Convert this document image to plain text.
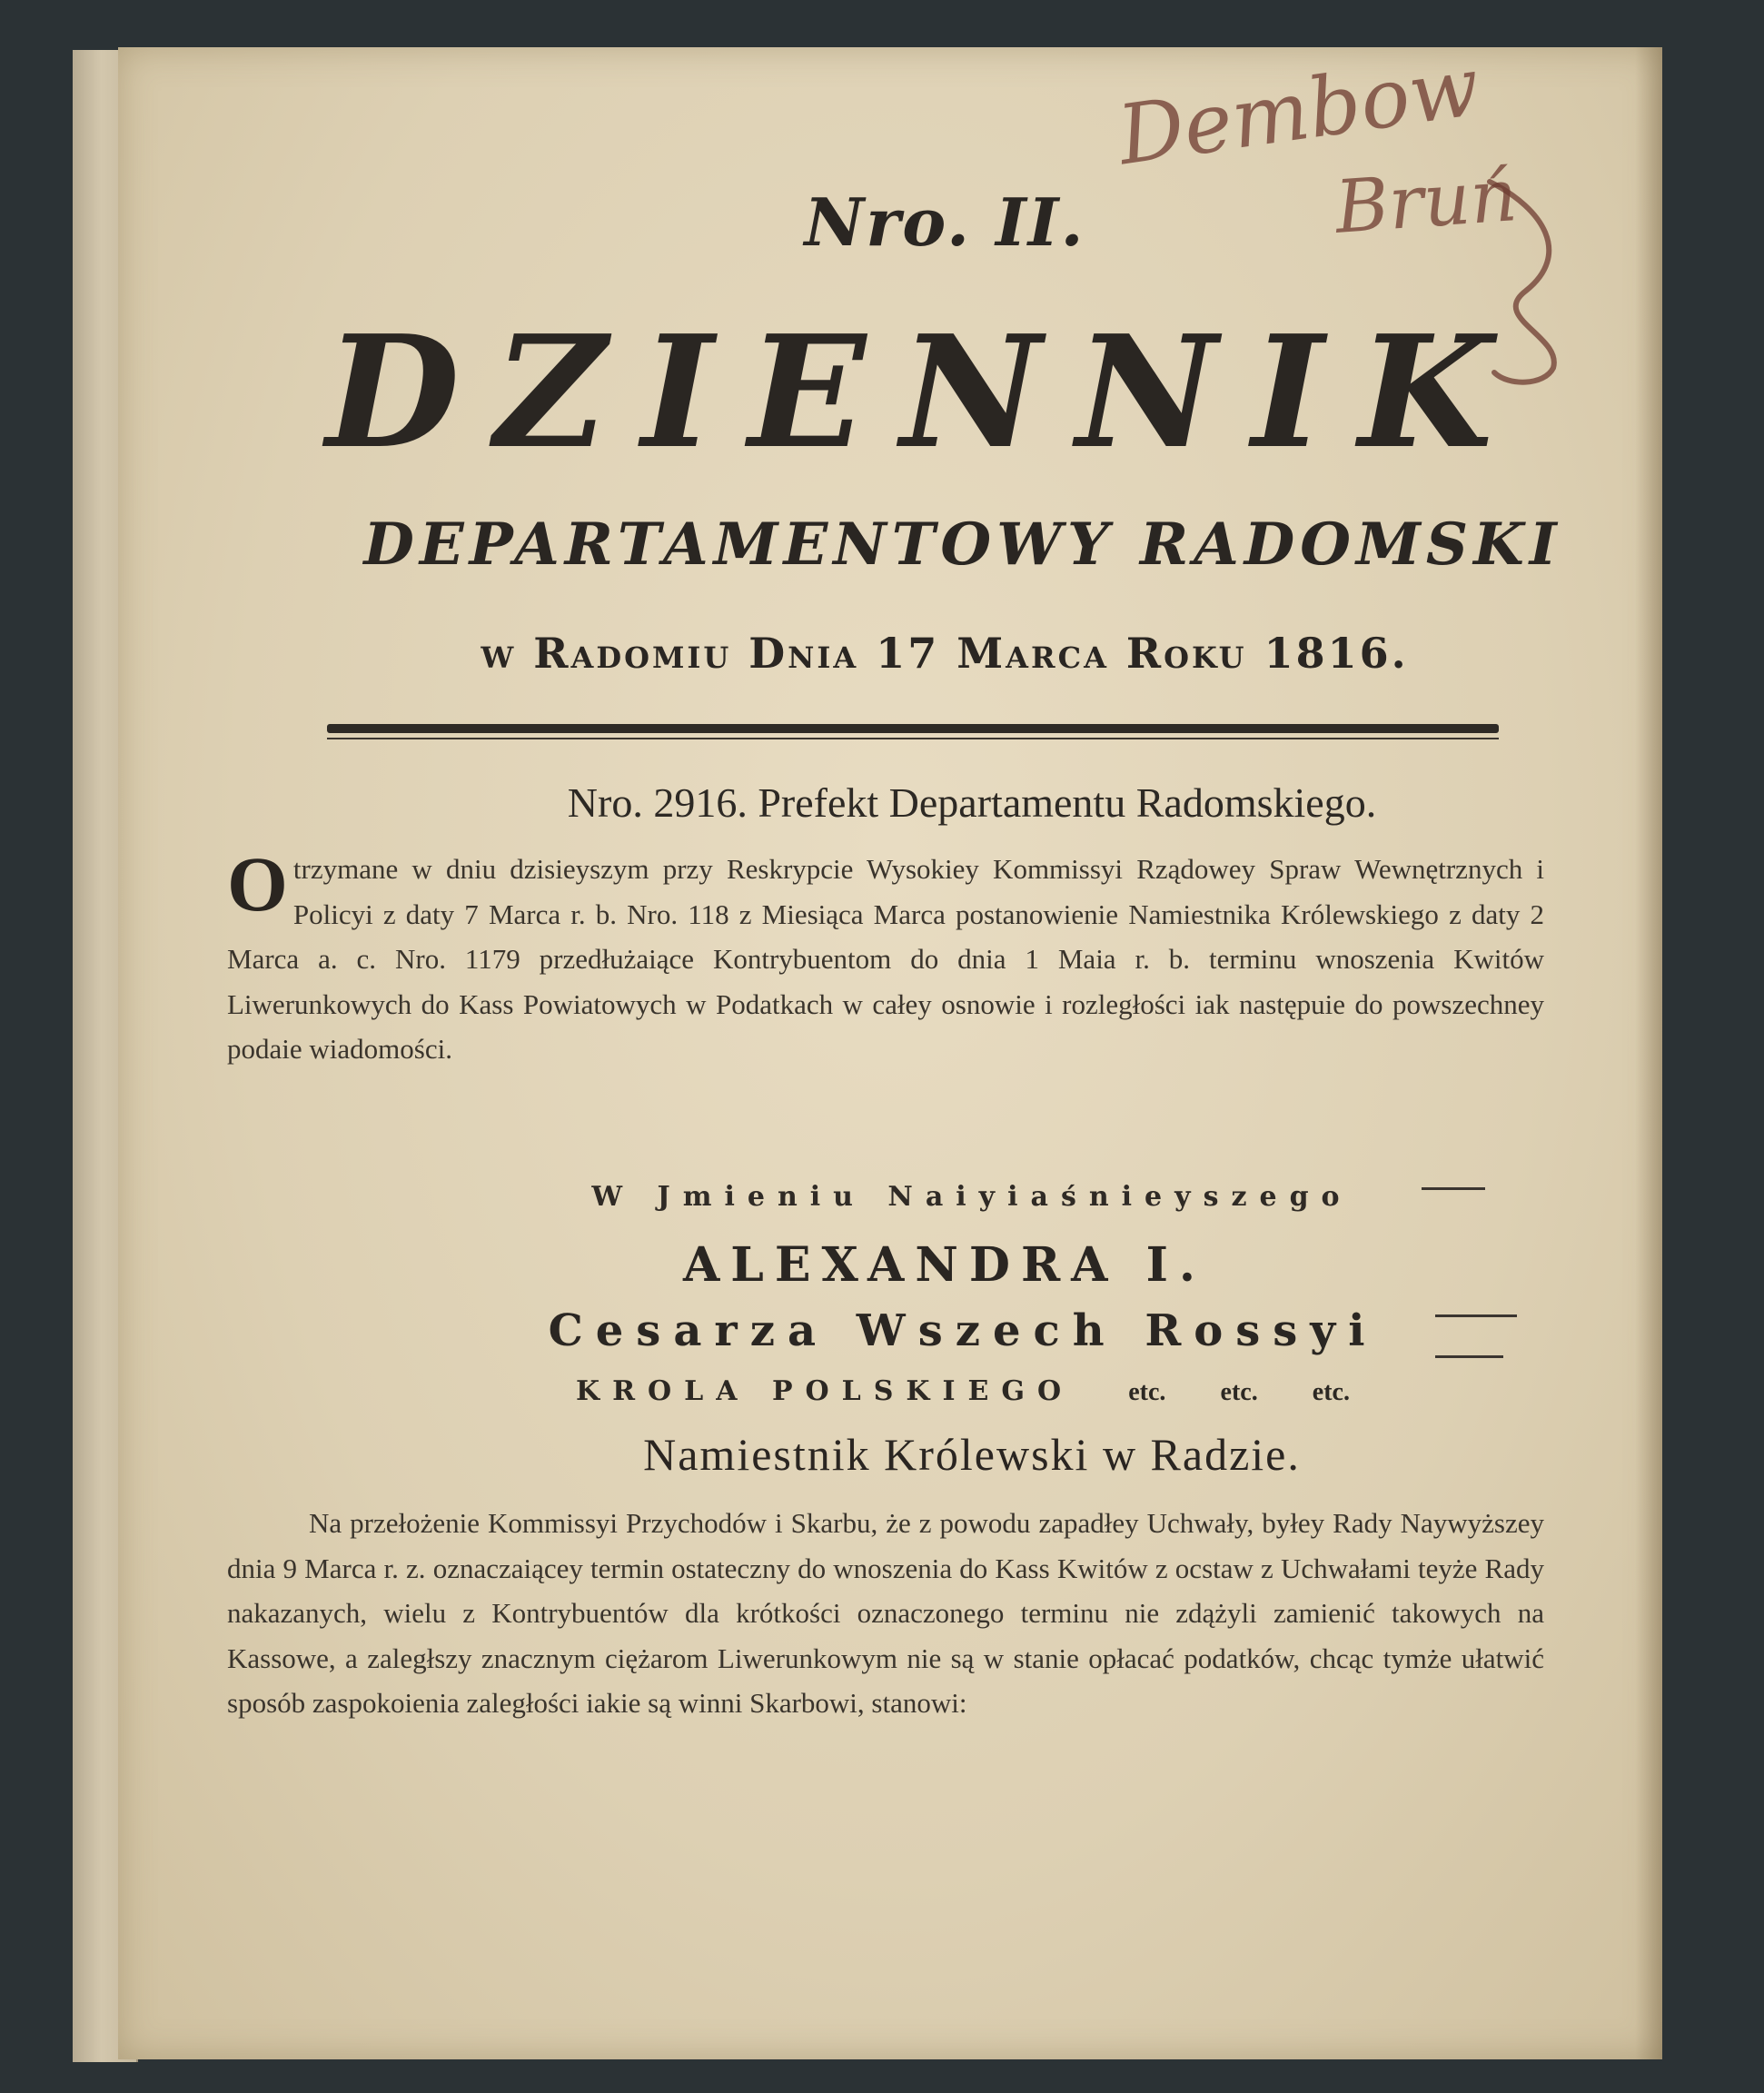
Nro. II.
DZIENNIK
DEPARTAMENTOWY RADOMSKI
w Radomiu Dnia 17 Marca Roku 1816.
Nro. 2916. Prefekt Departamentu Radomskiego.
Otrzymane w dniu dzisieyszym przy Reskrypcie Wysokiey Kommissyi Rządowey Spraw Wewnętrznych i Policyi z daty 7 Marca r. b. Nro. 118 z Miesiąca Marca postanowienie Namiestnika Królewskiego z daty 2 Marca a. c. Nro. 1179 przedłużaiące Kontrybuentom do dnia 1 Maia r. b. terminu wnoszenia Kwitów Liwerunkowych do Kass Powiatowych w Podatkach w całey osnowie i rozległości iak następuie do powszechney podaie wiadomości.
W Jmieniu Naiyiaśnieyszego
ALEXANDRA I.
Cesarza Wszech Rossyi
KROLA POLSKIEGO etc. etc. etc.
Namiestnik Królewski w Radzie.
Na przełożenie Kommissyi Przychodów i Skarbu, że z powodu zapadłey Uchwały, byłey Rady Naywyższey dnia 9 Marca r. z. oznaczaiącey termin ostateczny do wnoszenia do Kass Kwitów z ocstaw z Uchwałami teyże Rady nakazanych, wielu z Kontrybuentów dla krótkości oznaczonego terminu nie zdążyli zamienić takowych na Kassowe, a zaległszy znacznym ciężarom Liwerunkowym nie są w stanie opłacać podatków, chcąc tymże ułatwić sposób zaspokoienia zaległości iakie są winni Skarbowi, stanowi:
Dembow
Bruń
